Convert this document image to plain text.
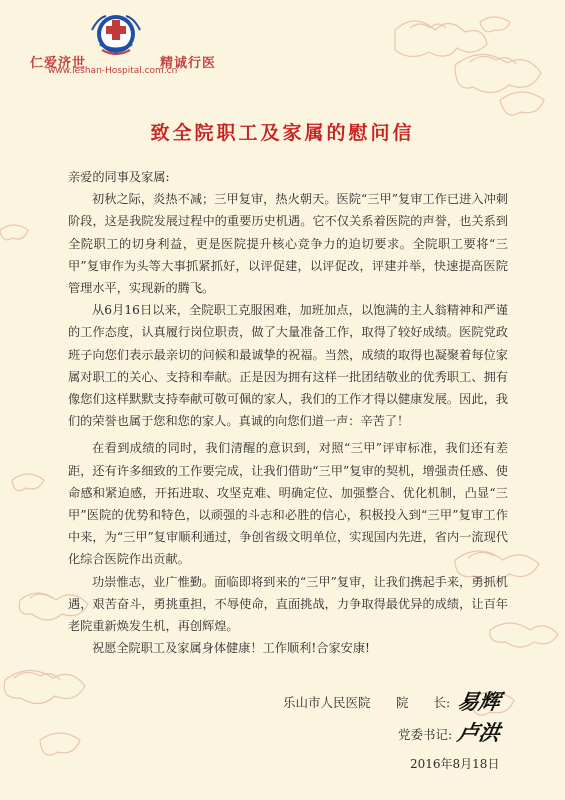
仁爱济世	精诚行医
www.leshan-Hospital.com.cn
致全院职工及家属的慰问信

亲爱的同事及家属:

初秋之际，炎热不减；三甲复审，热火朝天。医院“三甲”复审工作已进入冲刺阶段，这是我院发展过程中的重要历史机遇。它不仅关系着医院的声誉，也关系到全院职工的切身利益，更是医院提升核心竞争力的迫切要求。全院职工要将“三甲”复审作为头等大事抓紧抓好，以评促建，以评促改，评建并举，快速提高医院管理水平，实现新的腾飞。

从6月16日以来，全院职工克服困难，加班加点，以饱满的主人翁精神和严谨的工作态度，认真履行岗位职责，做了大量准备工作，取得了较好成绩。医院党政班子向您们表示最亲切的问候和最诚挚的祝福。当然，成绩的取得也凝聚着每位家属对职工的关心、支持和奉献。正是因为拥有这样一批团结敬业的优秀职工、拥有像您们这样默默支持奉献可敬可佩的家人，我们的工作才得以健康发展。因此，我们的荣誉也属于您和您的家人。真诚的向您们道一声：辛苦了！

在看到成绩的同时，我们清醒的意识到，对照“三甲”评审标准，我们还有差距，还有许多细致的工作要完成，让我们借助“三甲”复审的契机，增强责任感、使命感和紧迫感，开拓进取、攻坚克难、明确定位、加强整合、优化机制，凸显“三甲”医院的优势和特色，以顽强的斗志和必胜的信心，积极投入到“三甲”复审工作中来，为“三甲”复审顺利通过，争创省级文明单位，实现国内先进，省内一流现代化综合医院作出贡献。

功崇惟志，业广惟勤。面临即将到来的“三甲”复审，让我们携起手来，勇抓机遇，艰苦奋斗，勇挑重担，不辱使命，直面挑战，力争取得最优异的成绩，让百年老院重新焕发生机，再创辉煌。

祝愿全院职工及家属身体健康！工作顺利!合家安康!

乐山市人民医院 院　　长: 易辉
党委书记: 卢洪
2016年8月18日
